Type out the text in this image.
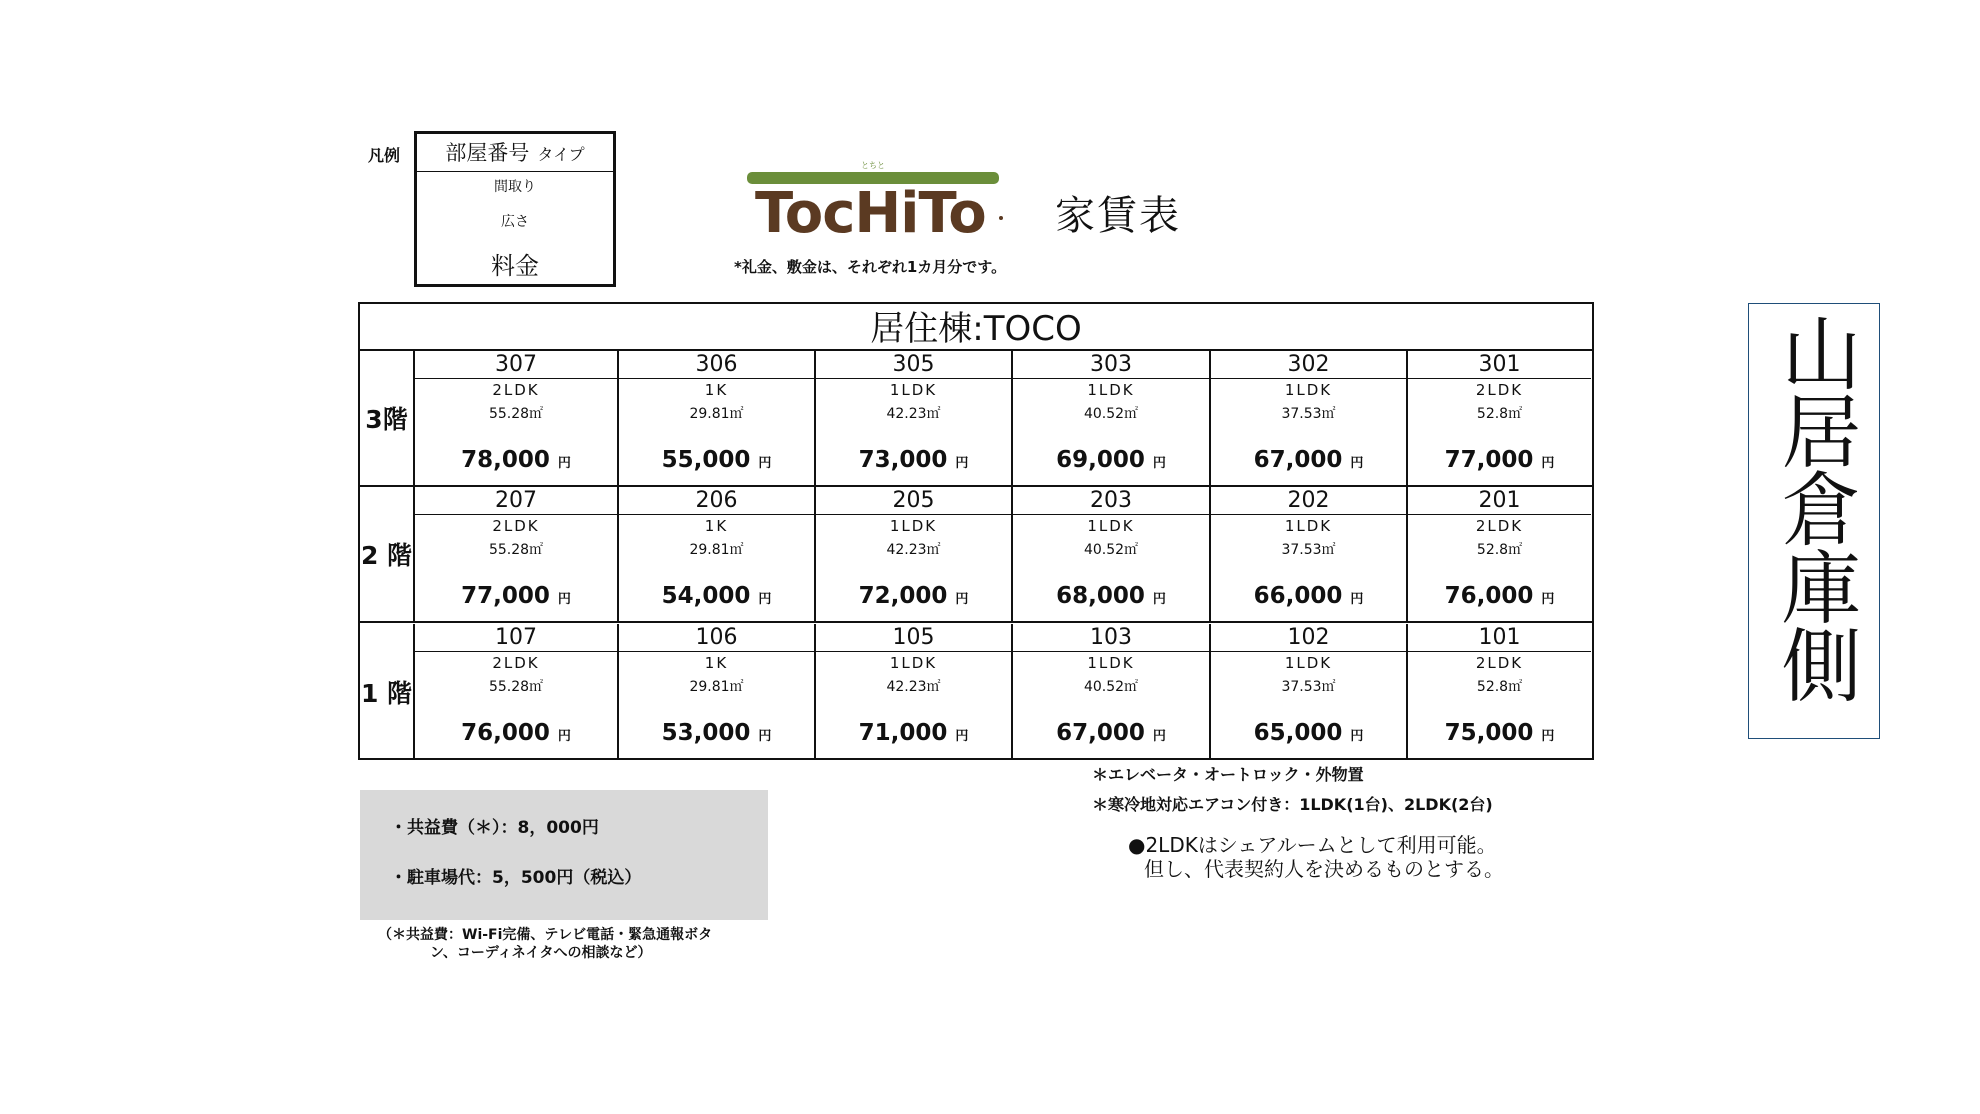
凡例	部屋番号 タイプ
間取り
広さ
料金
とちと
TocHiTo 家賃表
*礼金、敷金は、それぞれ1カ月分です。
居住棟:TOCO
3階
307
2LDK
55.28㎡
78,000 円
306
1K
29.81㎡
55,000 円
305
1LDK
42.23㎡
73,000 円
303
1LDK
40.52㎡
69,000 円
302
1LDK
37.53㎡
67,000 円
301
2LDK
52.8㎡
77,000 円
2 階
207
2LDK
55.28㎡
77,000 円
206
1K
29.81㎡
54,000 円
205
1LDK
42.23㎡
72,000 円
203
1LDK
40.52㎡
68,000 円
202
1LDK
37.53㎡
66,000 円
201
2LDK
52.8㎡
76,000 円
1 階
107
2LDK
55.28㎡
76,000 円
106
1K
29.81㎡
53,000 円
105
1LDK
42.23㎡
71,000 円
103
1LDK
40.52㎡
67,000 円
102
1LDK
37.53㎡
65,000 円
101
2LDK
52.8㎡
75,000 円
＊エレベータ・オートロック・外物置
＊寒冷地対応エアコン付き：1LDK(1台)、2LDK(2台)
●2LDKはシェアルームとして利用可能。
但し、代表契約人を決めるものとする。
・共益費（＊）：8，000円
・駐車場代：5，500円（税込）
（＊共益費：Wi-Fi完備、テレビ電話・緊急通報ボタ
ン、コーディネイタへの相談など）
山居倉庫側
